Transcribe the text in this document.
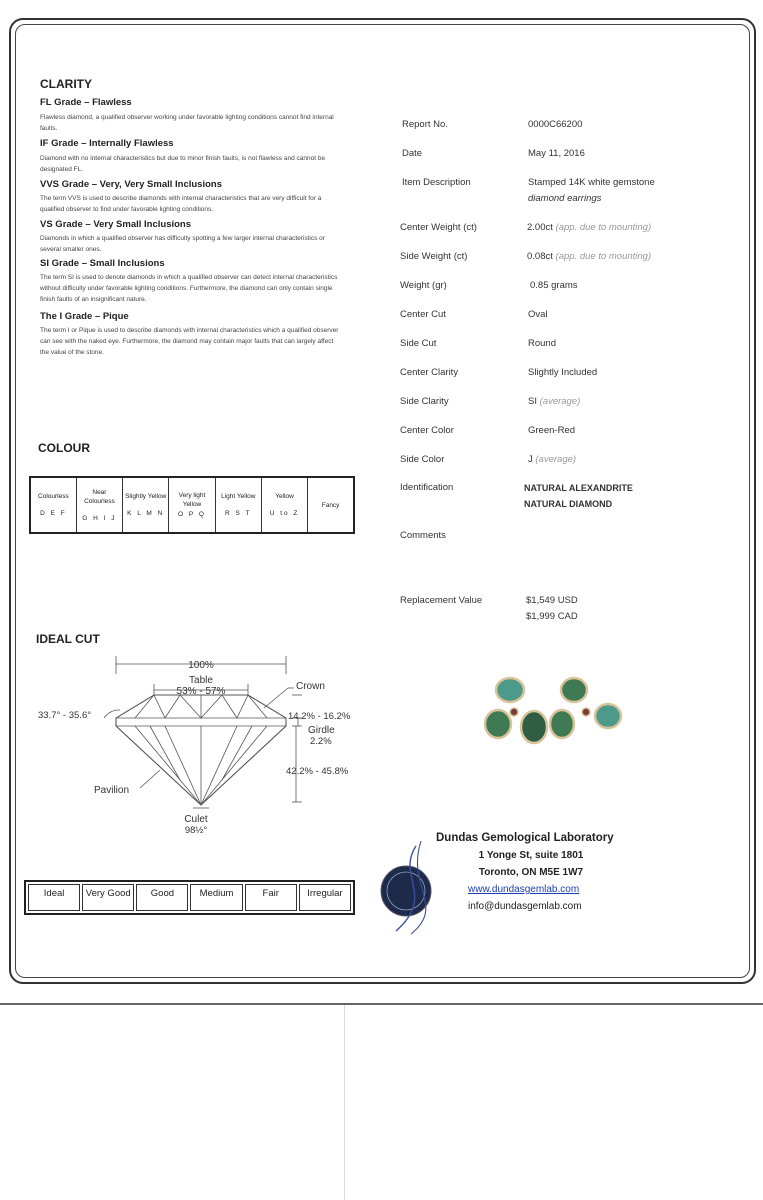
CLARITY
FL Grade – Flawless
Flawless diamond, a qualified observer working under favorable lighting conditions cannot find internal faults.
IF Grade – Internally Flawless
Diamond with no internal characteristics but due to minor finish faults, is not flawless and cannot be designated FL.
VVS Grade – Very, Very Small Inclusions
The term VVS is used to describe diamonds with internal characteristics that are very difficult for a qualified observer to find under favorable lighting conditions.
VS Grade – Very Small Inclusions
Diamonds in which a qualified observer has difficulty spotting a few larger internal characteristics or several smaller ones.
SI Grade – Small Inclusions
The term SI is used to denote diamonds in which a qualified observer can detect internal characteristics without difficulty under favorable lighting conditions. Furthermore, the diamond can only contain single finish faults of an insignificant nature.
The I Grade – Pique
The term I or Pique is used to describe diamonds with internal characteristics which a qualified observer can see with the naked eye. Furthermore, the diamond may contain major faults that can largely affect the value of the stone.
COLOUR
Colourless
D E F

Near Colourless
G H I J

Slightly Yellow
K L M N

Very light Yellow
O P Q

Light Yellow
R S T

Yellow
U to Z

Fancy
IDEAL CUT
100%
Table
53% - 57%	Crown
33.7° - 35.6°	14.2% - 16.2%
Girdle
2.2%
42.2% - 45.8%
Pavilion
Culet
98½°
Ideal	Very Good	Good	Medium	Fair	Irregular
Report No.	0000C66200
Date	May 11, 2016
Item Description	Stamped 14K white gemstone
diamond earrings
Center Weight (ct)	2.00ct (app. due to mounting)
Side Weight (ct)	0.08ct (app. due to mounting)
Weight (gr)	0.85 grams
Center Cut	Oval
Side Cut	Round
Center Clarity	Slightly Included
Side Clarity	SI (average)
Center Color	Green-Red
Side Color	J (average)
Identification	NATURAL ALEXANDRITE
NATURAL DIAMOND
Comments
Replacement Value	$1,549 USD
$1,999 CAD
Dundas Gemological Laboratory
1 Yonge St, suite 1801
Toronto, ON M5E 1W7
www.dundasgemlab.com
info@dundasgemlab.com
